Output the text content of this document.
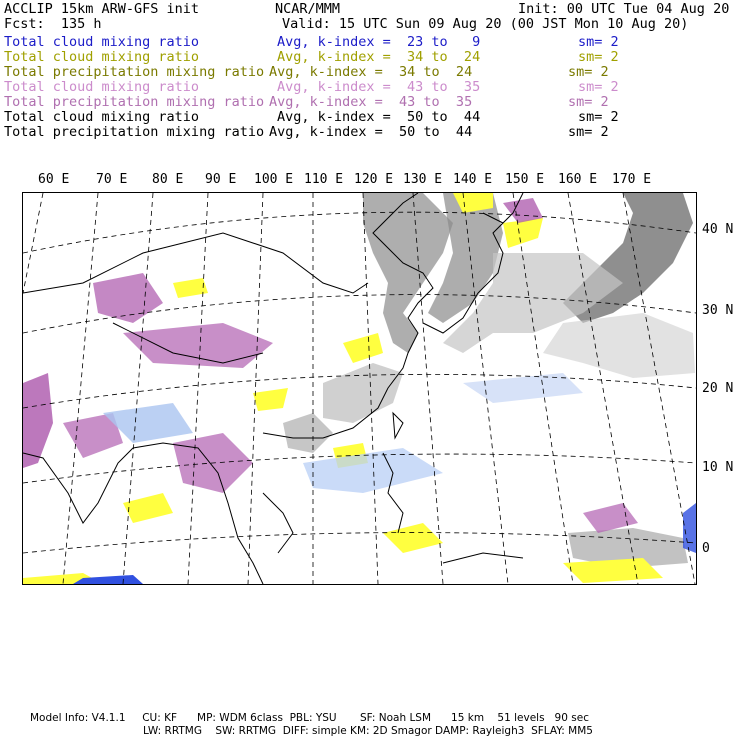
ACCLIP 15km ARW-GFS init	NCAR/MMM	Init: 00 UTC Tue 04 Aug 20
Fcst:  135 h	Valid: 15 UTC Sun 09 Aug 20 (00 JST Mon 10 Aug 20)
Total cloud mixing ratio	Avg, k-index =  23 to   9	sm= 2
Total cloud mixing ratio	Avg, k-index =  34 to  24	sm= 2
Total precipitation mixing ratio Avg, k-index =  34 to  24	sm= 2
Total cloud mixing ratio	Avg, k-index =  43 to  35	sm= 2
Total precipitation mixing ratio Avg, k-index =  43 to  35	sm= 2
Total cloud mixing ratio	Avg, k-index =  50 to  44	sm= 2
Total precipitation mixing ratio Avg, k-index =  50 to  44	sm= 2
60 E 70 E 80 E 90 E 100 E 110 E 120 E 130 E 140 E 150 E 160 E 170 E
40 N
30 N
20 N
10 N
0
Model Info: V4.1.1     CU: KF      MP: WDM 6class  PBL: YSU       SF: Noah LSM      15 km    51 levels   90 sec
LW: RRTMG    SW: RRTMG  DIFF: simple KM: 2D Smagor DAMP: Rayleigh3  SFLAY: MM5
